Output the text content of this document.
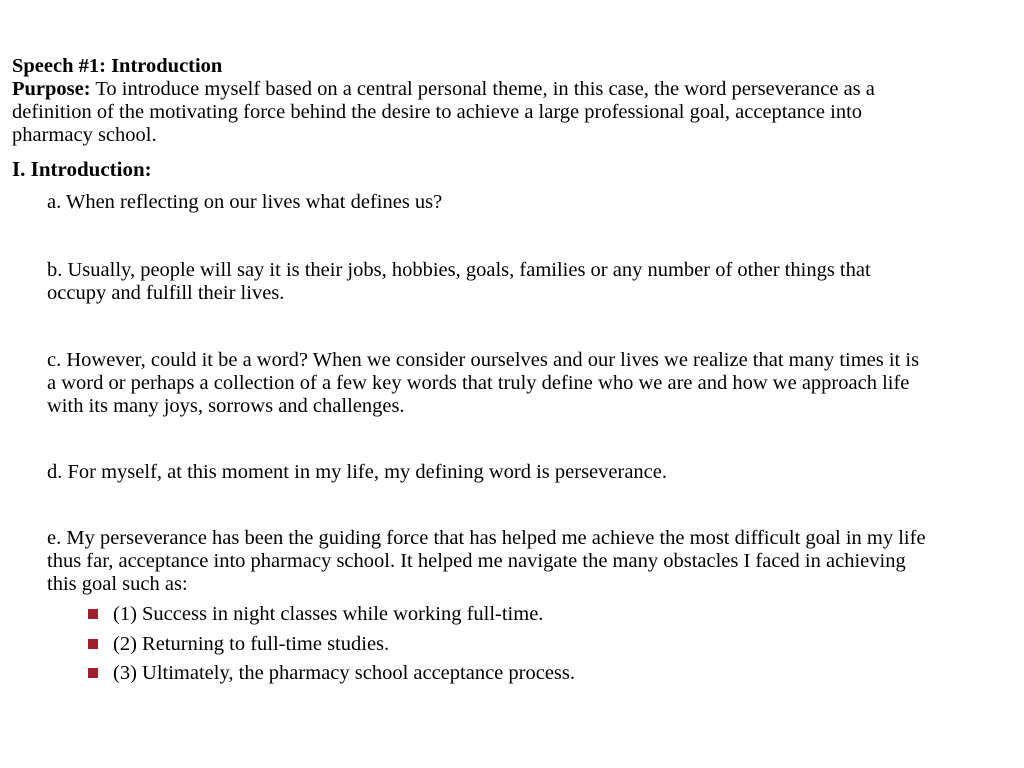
Speech #1: Introduction
Purpose: To introduce myself based on a central personal theme, in this case, the word perseverance as a definition of the motivating force behind the desire to achieve a large professional goal, acceptance into pharmacy school.
I. Introduction:
a. When reflecting on our lives what defines us?
b. Usually, people will say it is their jobs, hobbies, goals, families or any number of other things that occupy and fulfill their lives.
c. However, could it be a word? When we consider ourselves and our lives we realize that many times it is a word or perhaps a collection of a few key words that truly define who we are and how we approach life with its many joys, sorrows and challenges.
d. For myself, at this moment in my life, my defining word is perseverance.
e. My perseverance has been the guiding force that has helped me achieve the most difficult goal in my life thus far, acceptance into pharmacy school. It helped me navigate the many obstacles I faced in achieving this goal such as:
(1) Success in night classes while working full-time.
(2) Returning to full-time studies.
(3) Ultimately, the pharmacy school acceptance process.
